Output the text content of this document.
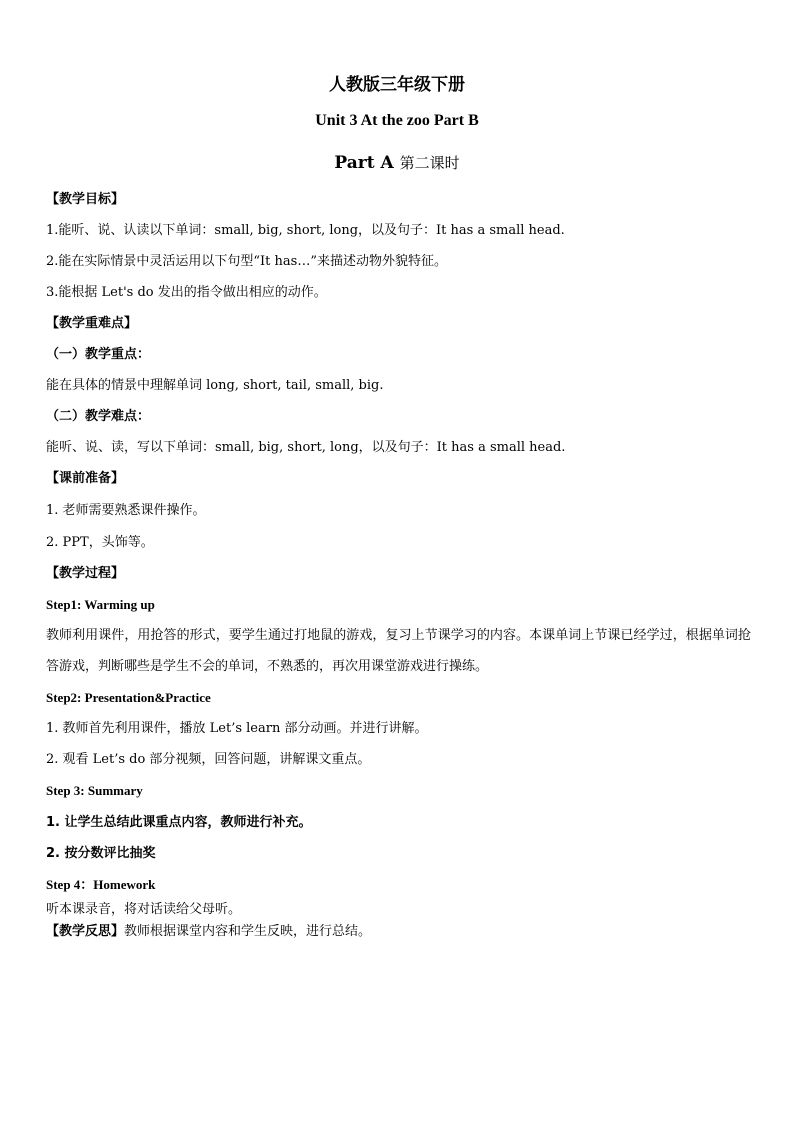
人教版三年级下册
Unit 3 At the zoo Part B
Part A 第二课时
【教学目标】
1.能听、说、认读以下单词：small, big, short, long，以及句子：It has a small head.
2.能在实际情景中灵活运用以下句型“It has…”来描述动物外貌特征。
3.能根据 Let's do 发出的指令做出相应的动作。
【教学重难点】
（一）教学重点：
能在具体的情景中理解单词 long, short, tail, small, big.
（二）教学难点：
能听、说、读，写以下单词：small, big, short, long，以及句子：It has a small head.
【课前准备】
1. 老师需要熟悉课件操作。
2. PPT，头饰等。
【教学过程】
Step1: Warming up
教师利用课件，用抢答的形式，要学生通过打地鼠的游戏，复习上节课学习的内容。本课单词上节课已经学过，根据单词抢答游戏，判断哪些是学生不会的单词，不熟悉的，再次用课堂游戏进行操练。
Step2: Presentation&Practice
1. 教师首先利用课件，播放 Let’s learn 部分动画。并进行讲解。
2. 观看 Let’s do 部分视频，回答问题，讲解课文重点。
Step 3: Summary
1. 让学生总结此课重点内容，教师进行补充。
2. 按分数评比抽奖
Step 4：Homework
听本课录音，将对话读给父母听。
【教学反思】教师根据课堂内容和学生反映，进行总结。
